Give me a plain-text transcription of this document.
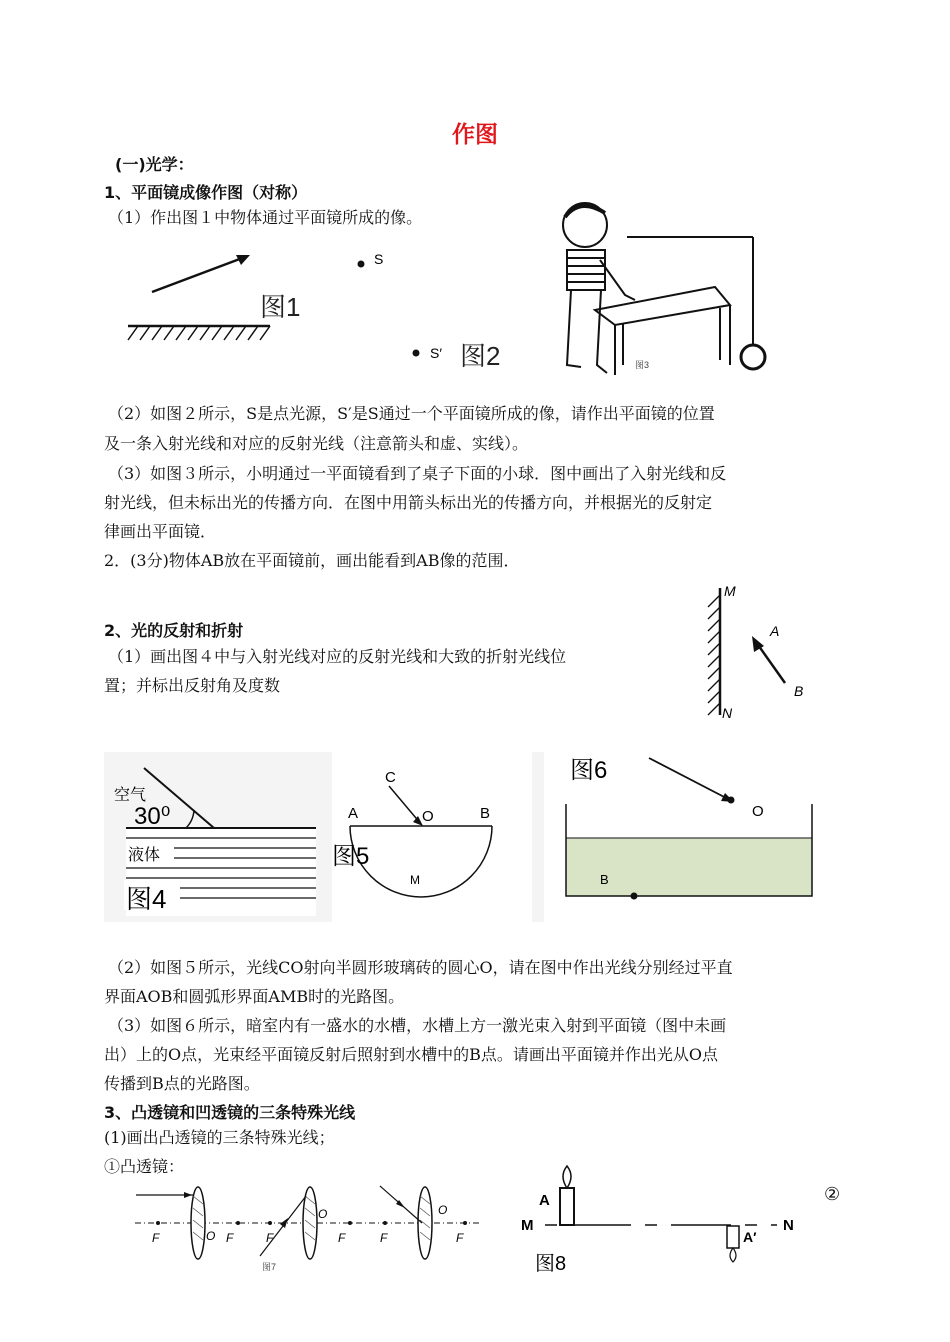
作图
(一)光学：
1、平面镜成像作图（对称）
（1）作出图１中物体通过平面镜所成的像。
图1
S
S′ 图2	图3
（2）如图２所示，S是点光源，S′是S通过一个平面镜所成的像，请作出平面镜的位置
及一条入射光线和对应的反射光线（注意箭头和虚、实线）。
（3）如图３所示，小明通过一平面镜看到了桌子下面的小球．图中画出了入射光线和反
射光线，但未标出光的传播方向．在图中用箭头标出光的传播方向，并根据光的反射定
律画出平面镜．
2．(3分)物体AB放在平面镜前，画出能看到AB像的范围．
M
N
A
B
2、光的反射和折射
（1）画出图４中与入射光线对应的反射光线和大致的折射光线位
置；并标出反射角及度数
空气
30⁰
液体
图4
C
A	O	B
M
图5
O
B
图6
（2）如图５所示，光线CO射向半圆形玻璃砖的圆心O，请在图中作出光线分别经过平直
界面AOB和圆弧形界面AMB时的光路图。
（3）如图６所示，暗室内有一盛水的水槽，水槽上方一激光束入射到平面镜（图中未画
出）上的O点，光束经平面镜反射后照射到水槽中的B点。请画出平面镜并作出光从O点
传播到B点的光路图。
3、凸透镜和凹透镜的三条特殊光线
(1)画出凸透镜的三条特殊光线；
①凸透镜：
F	O F	F
O
F	F
O
F
图7
M
A
A′
N
图8
②
